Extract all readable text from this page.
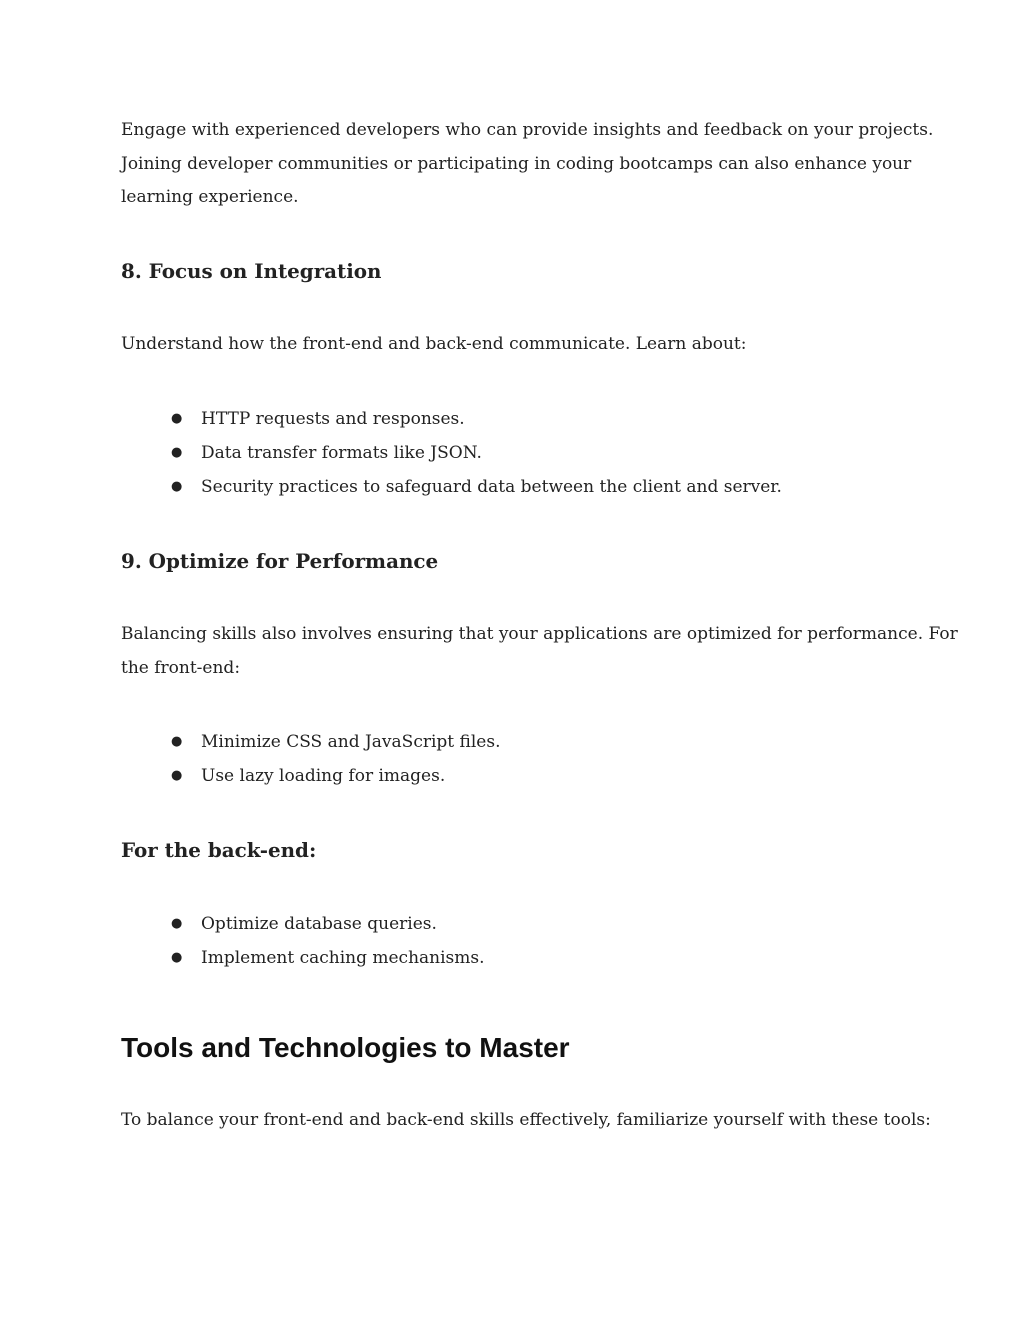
Engage with experienced developers who can provide insights and feedback on your projects.
Joining developer communities or participating in coding bootcamps can also enhance your
learning experience.

8. Focus on Integration

Understand how the front-end and back-end communicate. Learn about:

● HTTP requests and responses.
● Data transfer formats like JSON.
● Security practices to safeguard data between the client and server.
9. Optimize for Performance

Balancing skills also involves ensuring that your applications are optimized for performance. For
the front-end:

● Minimize CSS and JavaScript files.
● Use lazy loading for images.
For the back-end:
● Optimize database queries.
● Implement caching mechanisms.
Tools and Technologies to Master

To balance your front-end and back-end skills effectively, familiarize yourself with these tools:
